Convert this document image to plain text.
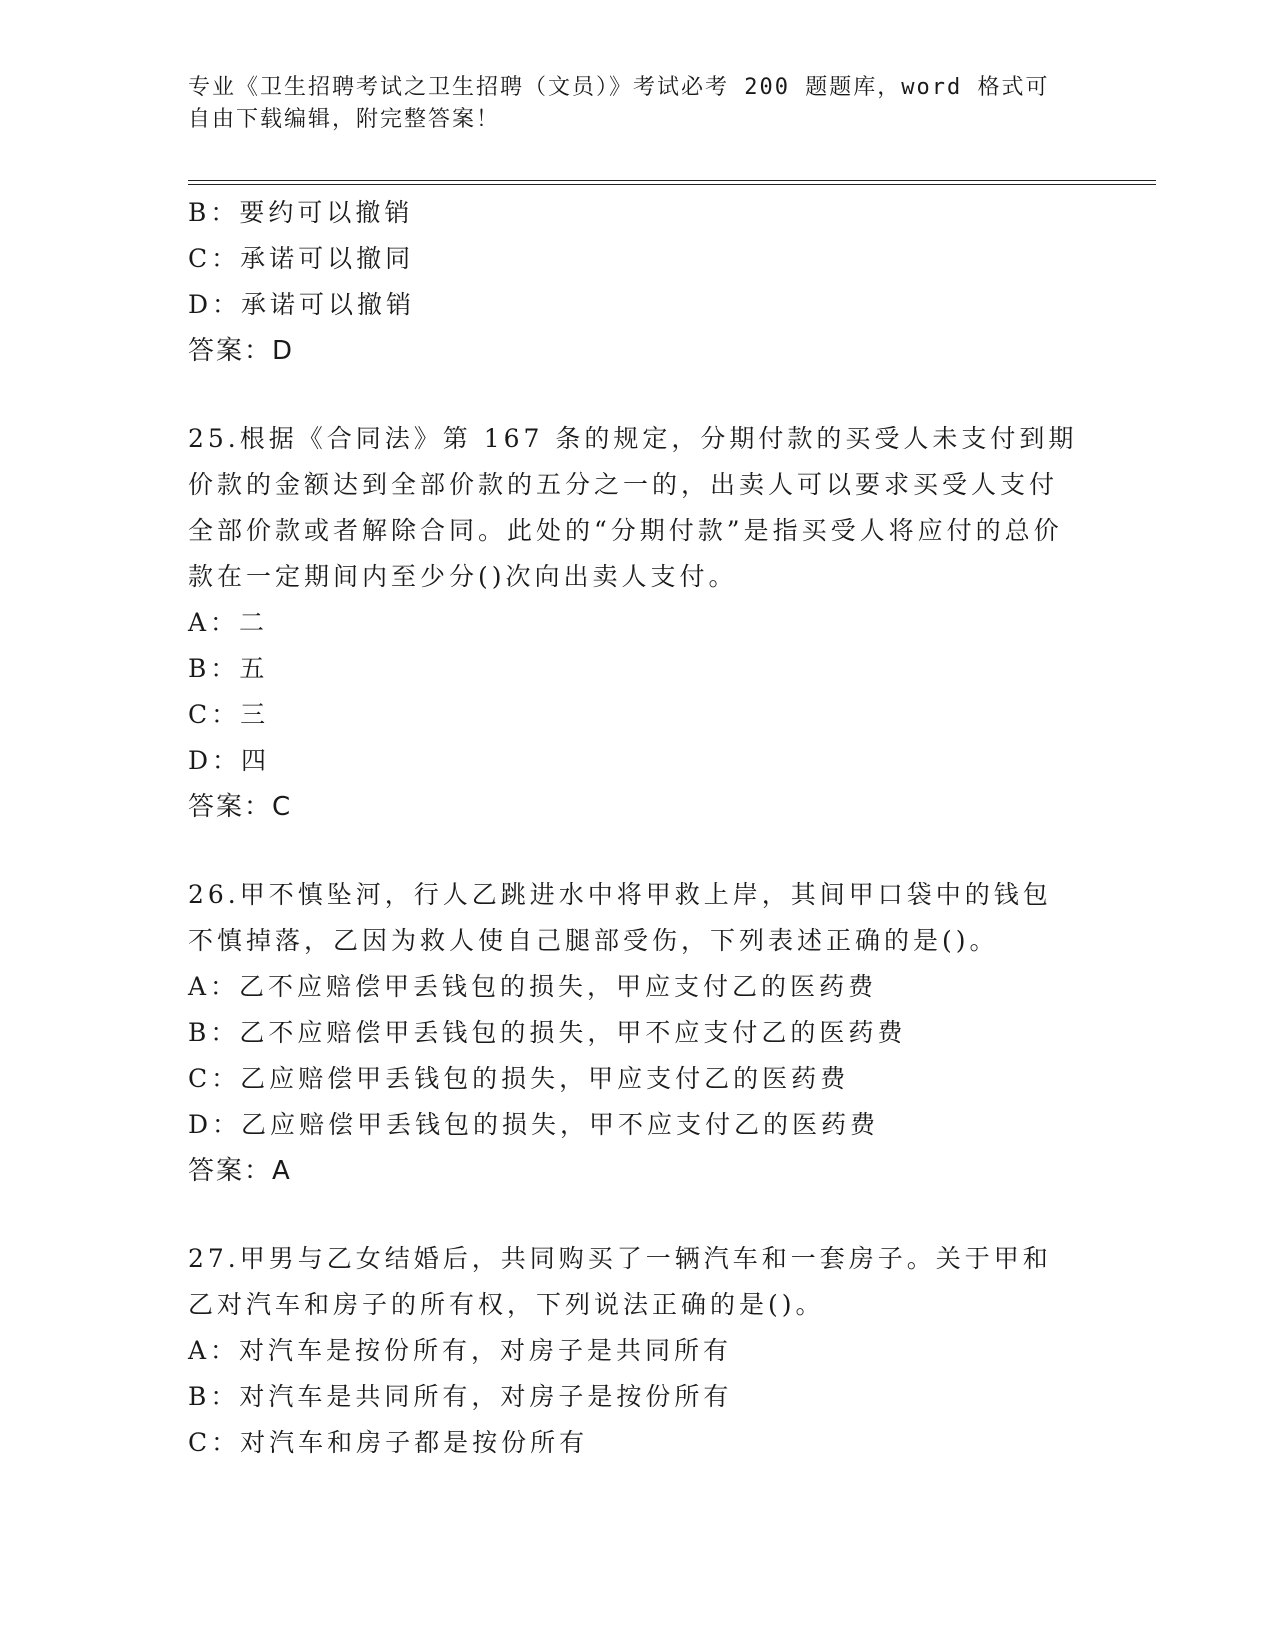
专业《卫生招聘考试之卫生招聘（文员）》考试必考 200 题题库，word 格式可自由下载编辑，附完整答案！
B：要约可以撤销
C：承诺可以撤同
D：承诺可以撤销
答案：D
25.根据《合同法》第 167 条的规定，分期付款的买受人未支付到期价款的金额达到全部价款的五分之一的，出卖人可以要求买受人支付全部价款或者解除合同。此处的“分期付款”是指买受人将应付的总价款在一定期间内至少分()次向出卖人支付。
A：二
B：五
C：三
D：四
答案：C
26.甲不慎坠河，行人乙跳进水中将甲救上岸，其间甲口袋中的钱包不慎掉落，乙因为救人使自己腿部受伤，下列表述正确的是()。
A：乙不应赔偿甲丢钱包的损失，甲应支付乙的医药费
B：乙不应赔偿甲丢钱包的损失，甲不应支付乙的医药费
C：乙应赔偿甲丢钱包的损失，甲应支付乙的医药费
D：乙应赔偿甲丢钱包的损失，甲不应支付乙的医药费
答案：A
27.甲男与乙女结婚后，共同购买了一辆汽车和一套房子。关于甲和乙对汽车和房子的所有权，下列说法正确的是()。
A：对汽车是按份所有，对房子是共同所有
B：对汽车是共同所有，对房子是按份所有
C：对汽车和房子都是按份所有
